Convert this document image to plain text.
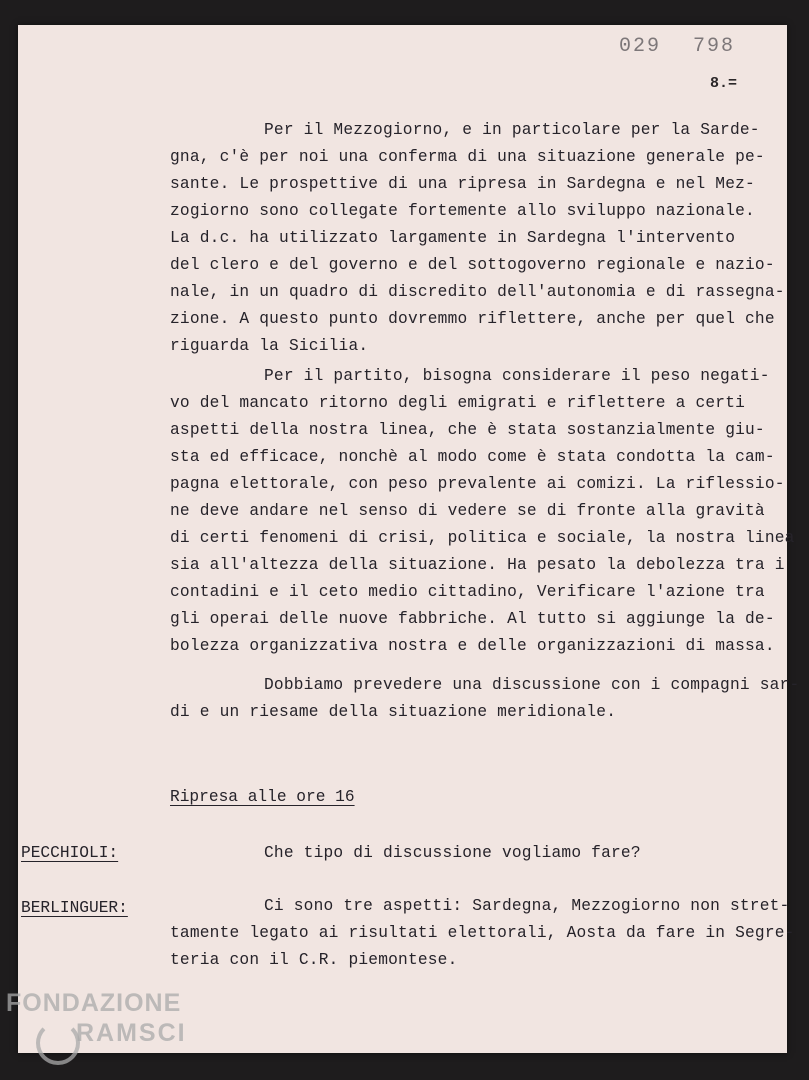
029 798
8.=
Per il Mezzogiorno, e in particolare per la Sarde-
gna, c'è per noi una conferma di una situazione generale pe-
sante. Le prospettive di una ripresa in Sardegna e nel Mez-
zogiorno sono collegate fortemente allo sviluppo nazionale.
La d.c. ha utilizzato largamente in Sardegna l'intervento
del clero e del governo e del sottogoverno regionale e nazio-
nale, in un quadro di discredito dell'autonomia e di rassegna-
zione. A questo punto dovremmo riflettere, anche per quel che
riguarda la Sicilia.
Per il partito, bisogna considerare il peso negati-
vo del mancato ritorno degli emigrati e riflettere a certi
aspetti della nostra linea, che è stata sostanzialmente giu-
sta ed efficace, nonchè al modo come è stata condotta la cam-
pagna elettorale, con peso prevalente ai comizi. La riflessio-
ne deve andare nel senso di vedere se di fronte alla gravità
di certi fenomeni di crisi, politica e sociale, la nostra linea
sia all'altezza della situazione. Ha pesato la debolezza tra i
contadini e il ceto medio cittadino, Verificare l'azione tra
gli operai delle nuove fabbriche. Al tutto si aggiunge la de-
bolezza organizzativa nostra e delle organizzazioni di massa.
Dobbiamo prevedere una discussione con i compagni sar-
di e un riesame della situazione meridionale.
Ripresa alle ore 16
PECCHIOLI:	Che tipo di discussione vogliamo fare?
BERLINGUER:	Ci sono tre aspetti: Sardegna, Mezzogiorno non stret-
tamente legato ai risultati elettorali, Aosta da fare in Segre-
teria con il C.R. piemontese.
FONDAZIONE
RAMSCI
